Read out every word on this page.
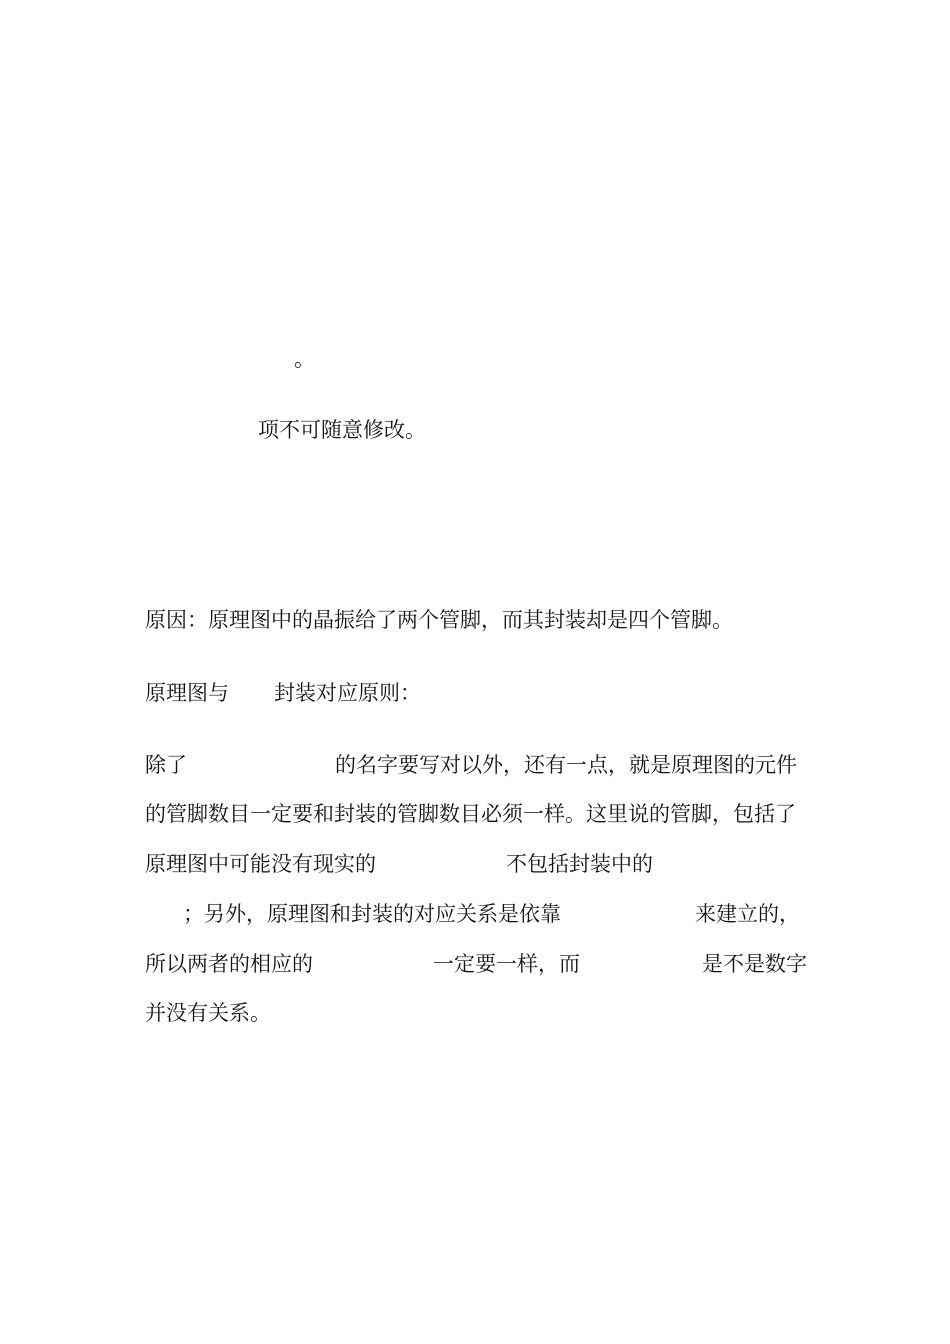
。
项不可随意修改。
原因：原理图中的晶振给了两个管脚，而其封装却是四个管脚。
原理图与 封装对应原则：
除了	的名字要写对以外，还有一点，就是原理图的元件
的管脚数目一定要和封装的管脚数目必须一样。这里说的管脚，包括了
原理图中可能没有现实的	不包括封装中的
；另外，原理图和封装的对应关系是依靠	来建立的，
所以两者的相应的	一定要一样，而	是不是数字
并没有关系。
